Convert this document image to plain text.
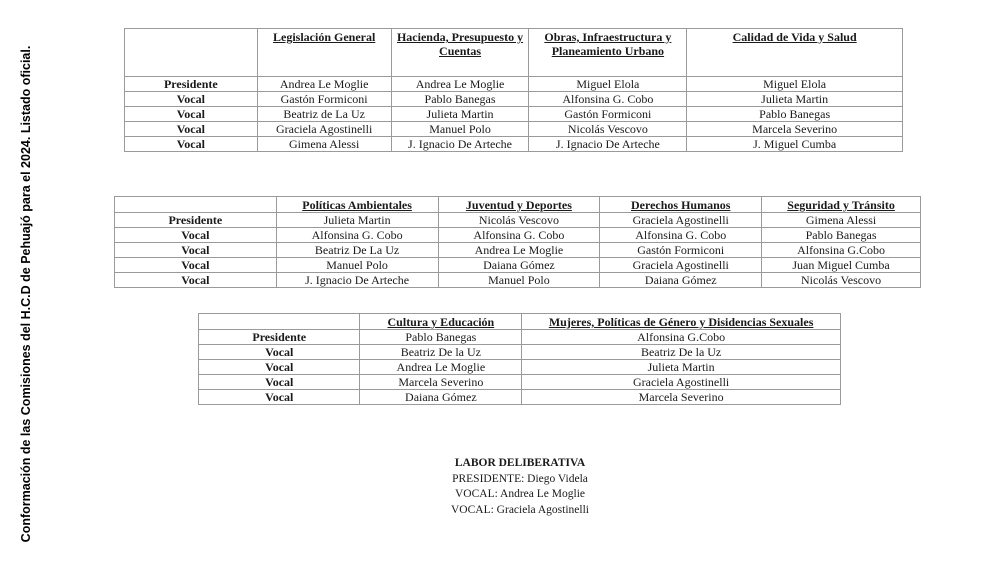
Conformación de las Comisiones del H.C.D de Pehuajó para el 2024. Listado oficial.
	Legislación General	Hacienda, Presupuesto y Cuentas	Obras, Infraestructura y Planeamiento Urbano	Calidad de Vida y Salud
Presidente	Andrea Le Moglie	Andrea Le Moglie	Miguel Elola	Miguel Elola
Vocal	Gastón Formiconi	Pablo Banegas	Alfonsina G. Cobo	Julieta Martin
Vocal	Beatriz de La Uz	Julieta Martin	Gastón Formiconi	Pablo Banegas
Vocal	Graciela Agostinelli	Manuel Polo	Nicolás Vescovo	Marcela Severino
Vocal	Gimena Alessi	J. Ignacio De Arteche	J. Ignacio De Arteche	J. Miguel Cumba
	Políticas Ambientales	Juventud y Deportes	Derechos Humanos	Seguridad y Tránsito
Presidente	Julieta Martin	Nicolás Vescovo	Graciela Agostinelli	Gimena Alessi
Vocal	Alfonsina G. Cobo	Alfonsina G. Cobo	Alfonsina G. Cobo	Pablo Banegas
Vocal	Beatriz De La Uz	Andrea Le Moglie	Gastón Formiconi	Alfonsina G.Cobo
Vocal	Manuel Polo	Daiana Gómez	Graciela Agostinelli	Juan Miguel Cumba
Vocal	J. Ignacio De Arteche	Manuel Polo	Daiana Gómez	Nicolás Vescovo
	Cultura y Educación	Mujeres, Políticas de Género y Disidencias Sexuales
Presidente	Pablo Banegas	Alfonsina G.Cobo
Vocal	Beatriz De la Uz	Beatriz De la Uz
Vocal	Andrea Le Moglie	Julieta Martin
Vocal	Marcela Severino	Graciela Agostinelli
Vocal	Daiana Gómez	Marcela Severino
LABOR DELIBERATIVA
PRESIDENTE: Diego Videla
VOCAL: Andrea Le Moglie
VOCAL: Graciela Agostinelli
